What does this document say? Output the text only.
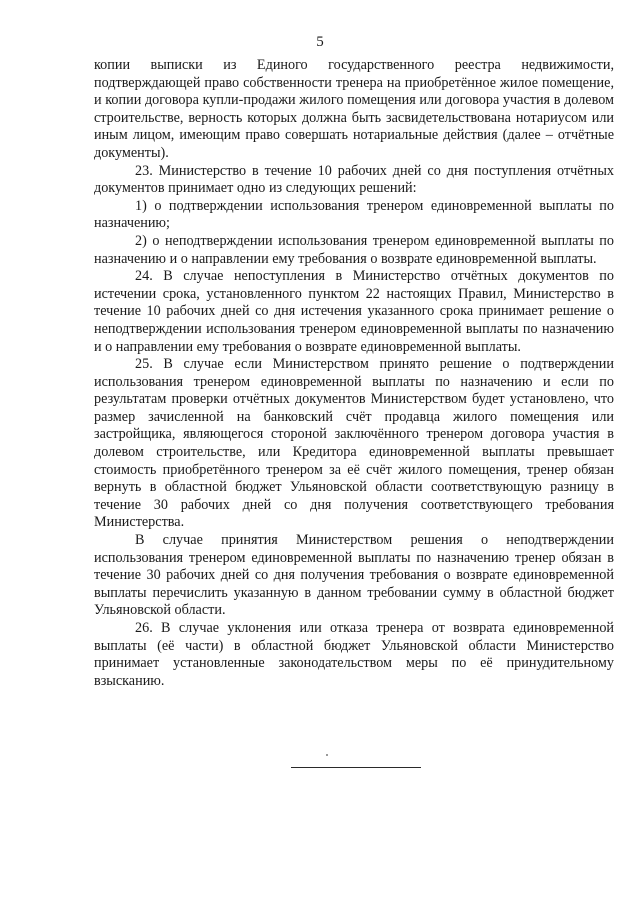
5

копии выписки из Единого государственного реестра недвижимости, подтверждающей право собственности тренера на приобретённое жилое помещение, и копии договора купли-продажи жилого помещения или договора участия в долевом строительстве, верность которых должна быть засвидетельствована нотариусом или иным лицом, имеющим право совершать нотариальные действия (далее – отчётные документы).

23. Министерство в течение 10 рабочих дней со дня поступления отчётных документов принимает одно из следующих решений:

1) о подтверждении использования тренером единовременной выплаты по назначению;

2) о неподтверждении использования тренером единовременной выплаты по назначению и о направлении ему требования о возврате единовременной выплаты.

24. В случае непоступления в Министерство отчётных документов по истечении срока, установленного пунктом 22 настоящих Правил, Министерство в течение 10 рабочих дней со дня истечения указанного срока принимает решение о неподтверждении использования тренером единовременной выплаты по назначению и о направлении ему требования о возврате единовременной выплаты.

25. В случае если Министерством принято решение о подтверждении использования тренером единовременной выплаты по назначению и если по результатам проверки отчётных документов Министерством будет установлено, что размер зачисленной на банковский счёт продавца жилого помещения или застройщика, являющегося стороной заключённого тренером договора участия в долевом строительстве, или Кредитора единовременной выплаты превышает стоимость приобретённого тренером за её счёт жилого помещения, тренер обязан вернуть в областной бюджет Ульяновской области соответствующую разницу в течение 30 рабочих дней со дня получения соответствующего требования Министерства.

В случае принятия Министерством решения о неподтверждении использования тренером единовременной выплаты по назначению тренер обязан в течение 30 рабочих дней со дня получения требования о возврате единовременной выплаты перечислить указанную в данном требовании сумму в областной бюджет Ульяновской области.

26. В случае уклонения или отказа тренера от возврата единовременной выплаты (её части) в областной бюджет Ульяновской области Министерство принимает установленные законодательством меры по её принудительному взысканию.
